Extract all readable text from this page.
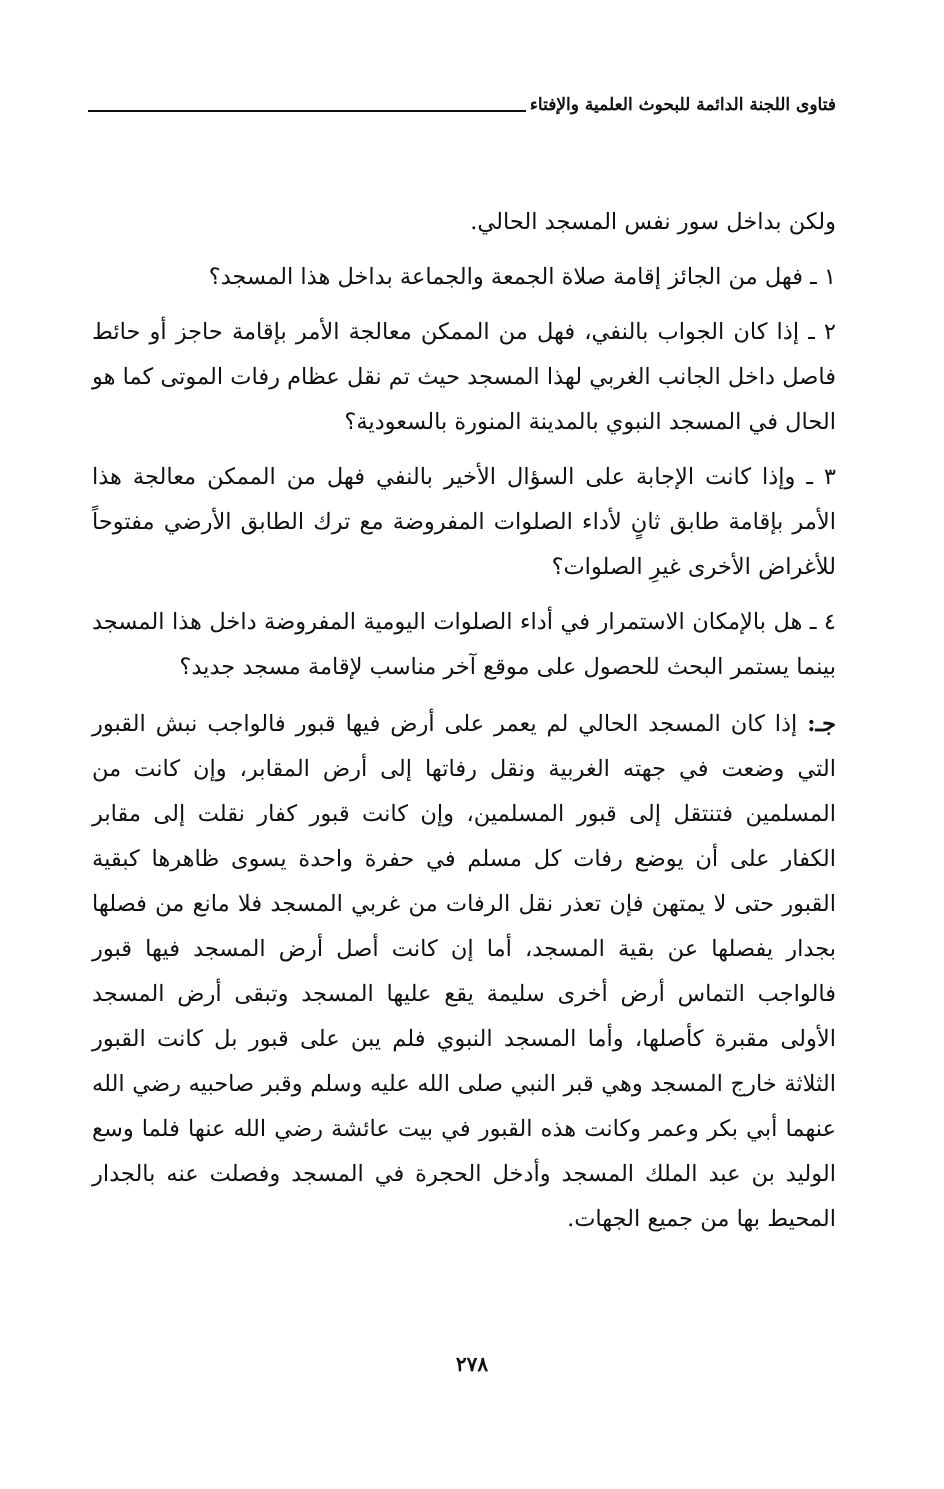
فتاوى اللجنة الدائمة للبحوث العلمية والإفتاء

ولكن بداخل سور نفس المسجد الحالي.

١ ـ فهل من الجائز إقامة صلاة الجمعة والجماعة بداخل هذا المسجد؟

٢ ـ إذا كان الجواب بالنفي، فهل من الممكن معالجة الأمر بإقامة حاجز أو حائط فاصل داخل الجانب الغربي لهذا المسجد حيث تم نقل عظام رفات الموتى كما هو الحال في المسجد النبوي بالمدينة المنورة بالسعودية؟

٣ ـ وإذا كانت الإجابة على السؤال الأخير بالنفي فهل من الممكن معالجة هذا الأمر بإقامة طابق ثانٍ لأداء الصلوات المفروضة مع ترك الطابق الأرضي مفتوحاً للأغراض الأخرى غيرِ الصلوات؟

٤ ـ هل بالإمكان الاستمرار في أداء الصلوات اليومية المفروضة داخل هذا المسجد بينما يستمر البحث للحصول على موقع آخر مناسب لإقامة مسجد جديد؟

جـ: إذا كان المسجد الحالي لم يعمر على أرض فيها قبور فالواجب نبش القبور التي وضعت في جهته الغربية ونقل رفاتها إلى أرض المقابر، وإن كانت من المسلمين فتنتقل إلى قبور المسلمين، وإن كانت قبور كفار نقلت إلى مقابر الكفار على أن يوضع رفات كل مسلم في حفرة واحدة يسوى ظاهرها كبقية القبور حتى لا يمتهن فإن تعذر نقل الرفات من غربي المسجد فلا مانع من فصلها بجدار يفصلها عن بقية المسجد، أما إن كانت أصل أرض المسجد فيها قبور فالواجب التماس أرض أخرى سليمة يقع عليها المسجد وتبقى أرض المسجد الأولى مقبرة كأصلها، وأما المسجد النبوي فلم يبن على قبور بل كانت القبور الثلاثة خارج المسجد وهي قبر النبي صلى الله عليه وسلم وقبر صاحبيه رضي الله عنهما أبي بكر وعمر وكانت هذه القبور في بيت عائشة رضي الله عنها فلما وسع الوليد بن عبد الملك المسجد وأدخل الحجرة في المسجد وفصلت عنه بالجدار المحيط بها من جميع الجهات.

٢٧٨
